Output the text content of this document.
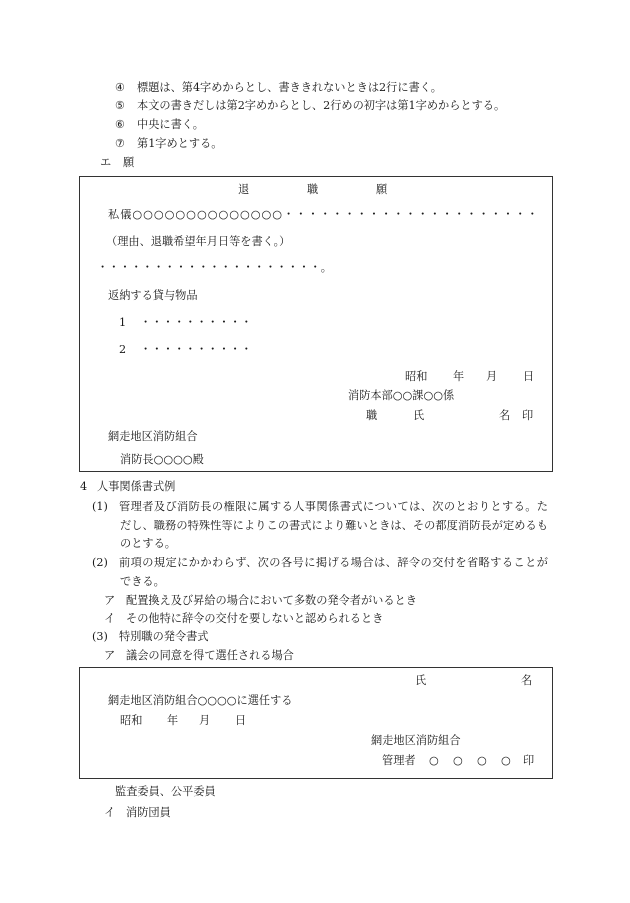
④ 標題は、第4字めからとし、書ききれないときは2行に書く。
⑤ 本文の書きだしは第2字めからとし、2行めの初字は第1字めからとする。
⑥ 中央に書く。
⑦ 第1字めとする。
エ 願
退	職	願
私儀○○○○○○○○○○○○○○・・・・・・・・・・・・・・・・・・・・・
（理由、退職希望年月日等を書く。）
・・・・・・・・・・・・・・・・・・・・。
返納する貸与物品
1 ・・・・・・・・・・
2 ・・・・・・・・・・
昭和 年 月 日
消防本部○○課○○係
職	氏	名 印
網走地区消防組合
消防長○○○○殿
4 人事関係書式例
(1) 管理者及び消防長の権限に属する人事関係書式については、次のとおりとする。た
だし、職務の特殊性等によりこの書式により難いときは、その都度消防長が定めるも
のとする。
(2) 前項の規定にかかわらず、次の各号に掲げる場合は、辞令の交付を省略することが
できる。
ア 配置換え及び昇給の場合において多数の発令者がいるとき
イ その他特に辞令の交付を要しないと認められるとき
(3) 特別職の発令書式
ア 議会の同意を得て選任される場合
氏	名
網走地区消防組合○○○○に選任する
昭和 年 月 日
網走地区消防組合
管理者 ○ ○ ○ ○ 印
監査委員、公平委員
イ 消防団員
